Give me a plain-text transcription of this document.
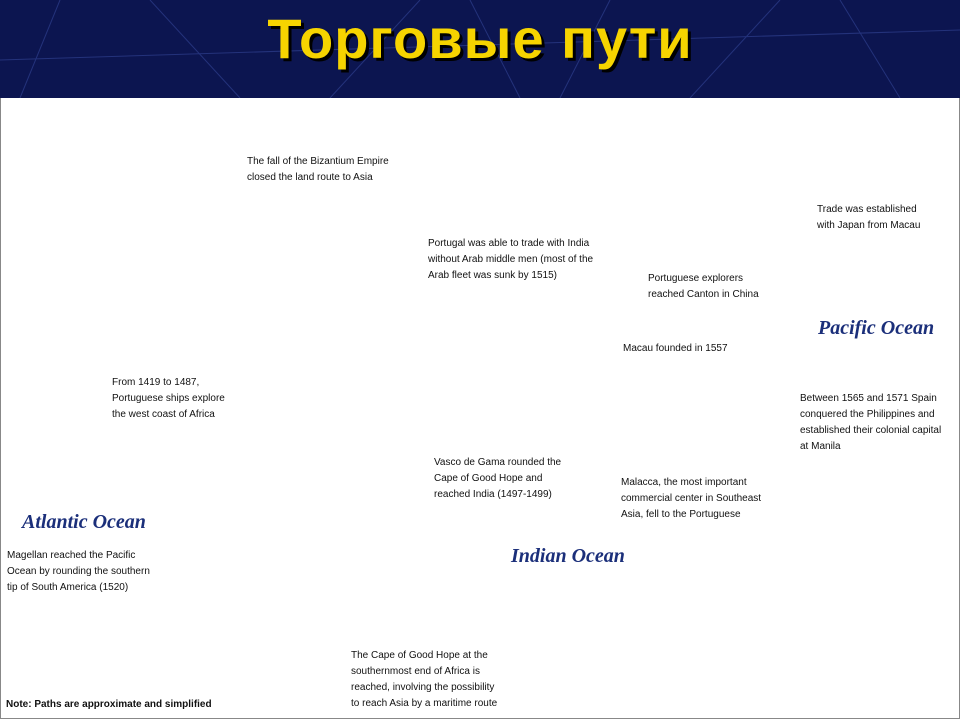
Торговые пути
The fall of the Bizantium Empire
closed the land route to Asia
Trade was established
with Japan from Macau
Portugal was able to trade with India
without Arab middle men (most of the
Arab fleet was sunk by 1515)	Portuguese explorers
reached Canton in China
Pacific Ocean
Macau founded in 1557
From 1419 to 1487,
Portuguese ships explore
the west coast of Africa
Between 1565 and 1571 Spain
conquered the Philippines and
established their colonial capital
at Manila
Vasco de Gama rounded the
Cape of Good Hope and
reached India (1497-1499)
Malacca, the most important
commercial center in Southeast
Asia, fell to the Portuguese
Atlantic Ocean
Magellan reached the Pacific
Ocean by rounding the southern
tip of South America (1520)
Indian Ocean
The Cape of Good Hope at the
southernmost end of Africa is
reached, involving the possibility
to reach Asia by a maritime route
Note: Paths are approximate and simplified
